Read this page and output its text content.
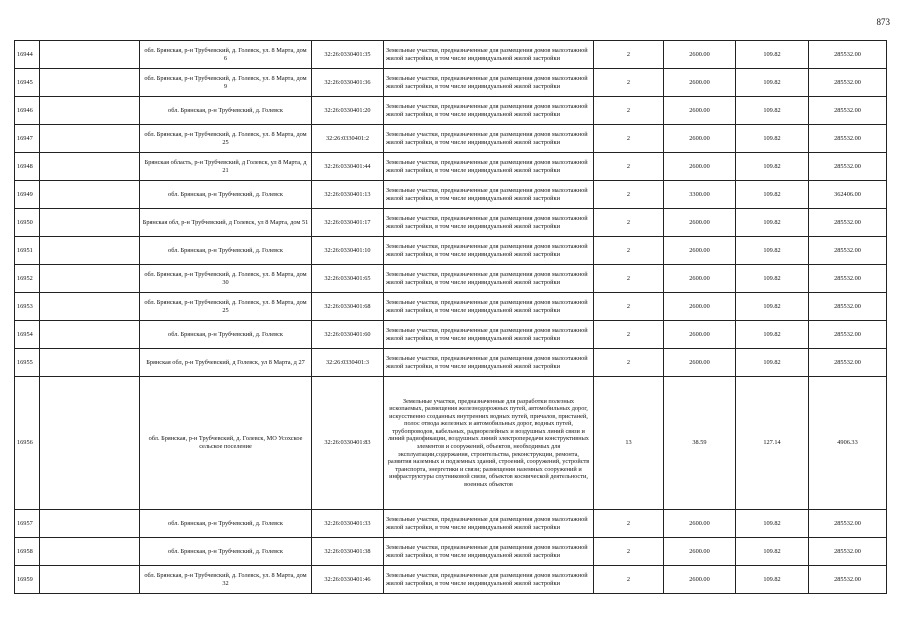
873
16944		обл. Брянская, р-н Трубчевский, д. Голевск, ул. 8 Марта, дом 6	32:26:0330401:35	Земельные участки, предназначенные для размещения домов малоэтажной жилой застройки, в том числе индивидуальной жилой застройки	2	2600.00	109.82	285532.00
16945		обл. Брянская, р-н Трубчевский, д. Голевск, ул. 8 Марта, дом 9	32:26:0330401:36	Земельные участки, предназначенные для размещения домов малоэтажной жилой застройки, в том числе индивидуальной жилой застройки	2	2600.00	109.82	285532.00
16946		обл. Брянская, р-н Трубчевский, д. Голевск	32:26:0330401:20	Земельные участки, предназначенные для размещения домов малоэтажной жилой застройки, в том числе индивидуальной жилой застройки	2	2600.00	109.82	285532.00
16947		обл. Брянская, р-н Трубчевский, д. Голевск, ул. 8 Марта, дом 25	32:26:0330401:2	Земельные участки, предназначенные для размещения домов малоэтажной жилой застройки, в том числе индивидуальной жилой застройки	2	2600.00	109.82	285532.00
16948		Брянская область, р-н Трубчевский, д Голевск, ул 8 Марта, д 21	32:26:0330401:44	Земельные участки, предназначенные для размещения домов малоэтажной жилой застройки, в том числе индивидуальной жилой застройки	2	2600.00	109.82	285532.00
16949		обл. Брянская, р-н Трубчевский, д. Голевск	32:26:0330401:13	Земельные участки, предназначенные для размещения домов малоэтажной жилой застройки, в том числе индивидуальной жилой застройки	2	3300.00	109.82	362406.00
16950		Брянская обл, р-н Трубчевский, д Голевск, ул 8 Марта, дом 51	32:26:0330401:17	Земельные участки, предназначенные для размещения домов малоэтажной жилой застройки, в том числе индивидуальной жилой застройки	2	2600.00	109.82	285532.00
16951		обл. Брянская, р-н Трубчевский, д. Голевск	32:26:0330401:10	Земельные участки, предназначенные для размещения домов малоэтажной жилой застройки, в том числе индивидуальной жилой застройки	2	2600.00	109.82	285532.00
16952		обл. Брянская, р-н Трубчевский, д. Голевск, ул. 8 Марта, дом 30	32:26:0330401:65	Земельные участки, предназначенные для размещения домов малоэтажной жилой застройки, в том числе индивидуальной жилой застройки	2	2600.00	109.82	285532.00
16953		обл. Брянская, р-н Трубчевский, д. Голевск, ул. 8 Марта, дом 25	32:26:0330401:68	Земельные участки, предназначенные для размещения домов малоэтажной жилой застройки, в том числе индивидуальной жилой застройки	2	2600.00	109.82	285532.00
16954		обл. Брянская, р-н Трубчевский, д. Голевск	32:26:0330401:60	Земельные участки, предназначенные для размещения домов малоэтажной жилой застройки, в том числе индивидуальной жилой застройки	2	2600.00	109.82	285532.00
16955		Брянская обл, р-н Трубчевский, д Голевск, ул 8 Марта, д 27	32:26:0330401:3	Земельные участки, предназначенные для размещения домов малоэтажной жилой застройки, в том числе индивидуальной жилой застройки	2	2600.00	109.82	285532.00
16956		обл. Брянская, р-н Трубчевский, д. Голевск, МО Усохское сельское поселение	32:26:0330401:83	Земельные участки, предназначенные для разработки полезных ископаемых, размещения железнодорожных путей, автомобильных дорог, искусственно созданных внутренних водных путей, причалов, пристаней, полос отвода железных и автомобильных дорог, водных путей, трубопроводов, кабельных, радиорелейных и воздушных линий связи и линий радиофикации, воздушных линий электропередачи конструктивных элементов и сооружений, объектов, необходимых для эксплуатации,содержания, строительства, реконструкции, ремонта, развития наземных и подземных зданий, строений, сооружений, устройств транспорта, энергетики и связи; размещения наземных сооружений и инфраструктуры спутниковой связи, объектов космической деятельности, военных объектов	13	38.59	127.14	4906.33
16957		обл. Брянская, р-н Трубчевский, д. Голевск	32:26:0330401:33	Земельные участки, предназначенные для размещения домов малоэтажной жилой застройки, в том числе индивидуальной жилой застройки	2	2600.00	109.82	285532.00
16958		обл. Брянская, р-н Трубчевский, д. Голевск	32:26:0330401:38	Земельные участки, предназначенные для размещения домов малоэтажной жилой застройки, в том числе индивидуальной жилой застройки	2	2600.00	109.82	285532.00
16959		обл. Брянская, р-н Трубчевский, д. Голевск, ул. 8 Марта, дом 32	32:26:0330401:46	Земельные участки, предназначенные для размещения домов малоэтажной жилой застройки, в том числе индивидуальной жилой застройки	2	2600.00	109.82	285532.00
